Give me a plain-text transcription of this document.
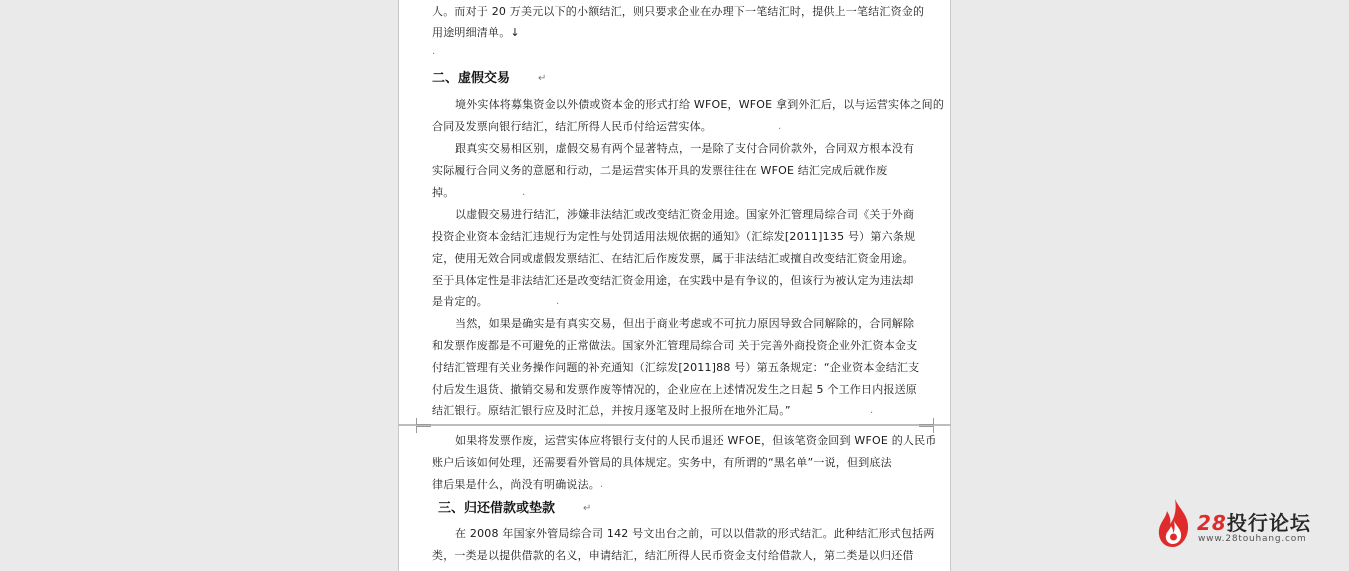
人。而对于 20 万美元以下的小额结汇，则只要求企业在办理下一笔结汇时，提供上一笔结汇资金的
用途明细清单。↓
.
二、虚假交易	↵
境外实体将募集资金以外债或资本金的形式打给 WFOE，WFOE 拿到外汇后，以与运营实体之间的
合同及发票向银行结汇，结汇所得人民币付给运营实体。	.
跟真实交易相区别，虚假交易有两个显著特点，一是除了支付合同价款外，合同双方根本没有
实际履行合同义务的意愿和行动，二是运营实体开具的发票往往在 WFOE 结汇完成后就作废
掉。	.
以虚假交易进行结汇，涉嫌非法结汇或改变结汇资金用途。国家外汇管理局综合司《关于外商
投资企业资本金结汇违规行为定性与处罚适用法规依据的通知》（汇综发[2011]135 号）第六条规
定，使用无效合同或虚假发票结汇、在结汇后作废发票，属于非法结汇或擅自改变结汇资金用途。
至于具体定性是非法结汇还是改变结汇资金用途，在实践中是有争议的，但该行为被认定为违法却
是肯定的。	.
当然，如果是确实是有真实交易，但出于商业考虑或不可抗力原因导致合同解除的，合同解除
和发票作废都是不可避免的正常做法。国家外汇管理局综合司 关于完善外商投资企业外汇资本金支
付结汇管理有关业务操作问题的补充通知（汇综发[2011]88 号）第五条规定：“企业资本金结汇支
付后发生退货、撤销交易和发票作废等情况的，企业应在上述情况发生之日起 5 个工作日内报送原
结汇银行。原结汇银行应及时汇总，并按月逐笔及时上报所在地外汇局。”	.
如果将发票作废，运营实体应将银行支付的人民币退还 WFOE，但该笔资金回到 WFOE 的人民币
账户后该如何处理，还需要看外管局的具体规定。实务中，有所谓的“黑名单”一说，但到底法
律后果是什么，尚没有明确说法。 .
三、归还借款或垫款	↵
在 2008 年国家外管局综合司 142 号文出台之前，可以以借款的形式结汇。此种结汇形式包括两
类，一类是以提供借款的名义，申请结汇，结汇所得人民币资金支付给借款人，第二类是以归还借
28投行论坛
www.28touhang.com
